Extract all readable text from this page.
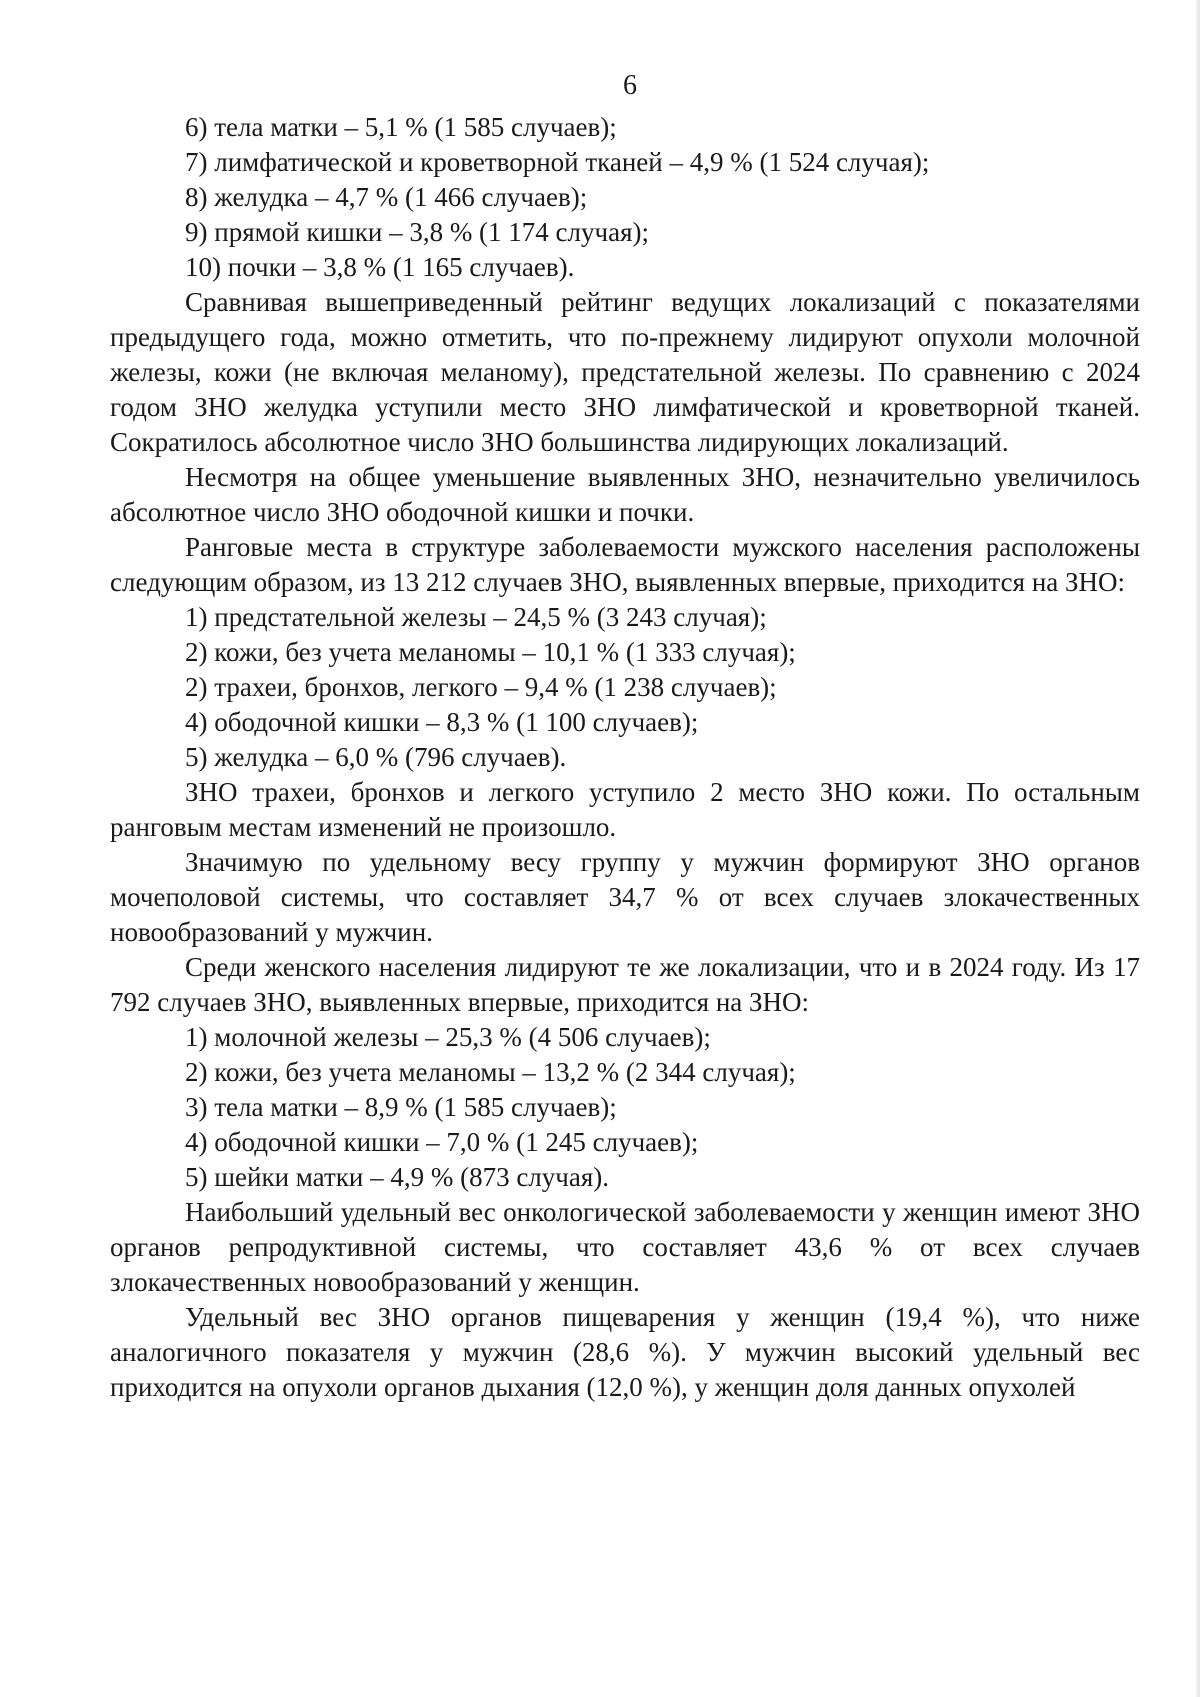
6
6) тела матки – 5,1 % (1 585 случаев);
7) лимфатической и кроветворной тканей – 4,9 % (1 524 случая);
8) желудка – 4,7 % (1 466 случаев);
9) прямой кишки – 3,8 % (1 174 случая);
10) почки – 3,8 % (1 165 случаев).
Сравнивая вышеприведенный рейтинг ведущих локализаций с показателями предыдущего года, можно отметить, что по-прежнему лидируют опухоли молочной железы, кожи (не включая меланому), предстательной железы. По сравнению с 2024 годом ЗНО желудка уступили место ЗНО лимфатической и кроветворной тканей. Сократилось абсолютное число ЗНО большинства лидирующих локализаций.
Несмотря на общее уменьшение выявленных ЗНО, незначительно увеличилось абсолютное число ЗНО ободочной кишки и почки.
Ранговые места в структуре заболеваемости мужского населения расположены следующим образом, из 13 212 случаев ЗНО, выявленных впервые, приходится на ЗНО:
1) предстательной железы – 24,5 % (3 243 случая);
2) кожи, без учета меланомы – 10,1 % (1 333 случая);
2) трахеи, бронхов, легкого – 9,4 % (1 238 случаев);
4) ободочной кишки – 8,3 % (1 100 случаев);
5) желудка – 6,0 % (796 случаев).
ЗНО трахеи, бронхов и легкого уступило 2 место ЗНО кожи. По остальным ранговым местам изменений не произошло.
Значимую по удельному весу группу у мужчин формируют ЗНО органов мочеполовой системы, что составляет 34,7 % от всех случаев злокачественных новообразований у мужчин.
Среди женского населения лидируют те же локализации, что и в 2024 году. Из 17 792 случаев ЗНО, выявленных впервые, приходится на ЗНО:
1) молочной железы – 25,3 % (4 506 случаев);
2) кожи, без учета меланомы – 13,2 % (2 344 случая);
3) тела матки – 8,9 % (1 585 случаев);
4) ободочной кишки – 7,0 % (1 245 случаев);
5) шейки матки – 4,9 % (873 случая).
Наибольший удельный вес онкологической заболеваемости у женщин имеют ЗНО органов репродуктивной системы, что составляет 43,6 % от всех случаев злокачественных новообразований у женщин.
Удельный вес ЗНО органов пищеварения у женщин (19,4 %), что ниже аналогичного показателя у мужчин (28,6 %). У мужчин высокий удельный вес приходится на опухоли органов дыхания (12,0 %), у женщин доля данных опухолей
